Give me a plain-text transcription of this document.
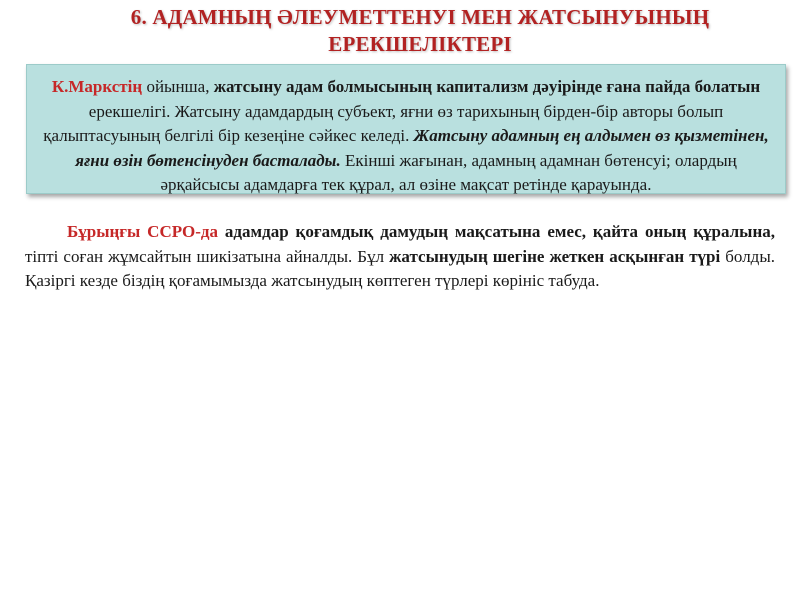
6. АДАМНЫҢ ӘЛЕУМЕТТЕНУІ МЕН ЖАТСЫНУЫНЫҢ
ЕРЕКШЕЛІКТЕРІ
К.Маркстің ойынша, жатсыну адам болмысының капитализм дәуірінде ғана пайда болатын ерекшелігі. Жатсыну адамдардың субъект, яғни өз тарихының бірден-бір авторы болып қалыптасуының белгілі бір кезеңіне сәйкес келеді. Жатсыну адамның ең алдымен өз қызметінен, яғни өзін бөтенсінуден басталады. Екінші жағынан, адамның адамнан бөтенсуі; олардың әрқайсысы адамдарға тек құрал, ал өзіне мақсат ретінде қарауында.
Бұрыңғы ССРО-да адамдар қоғамдық дамудың мақсатына емес, қайта оның құралына, тіпті соған жұмсайтын шикізатына айналды. Бұл жатсынудың шегіне жеткен асқынған түрі болды. Қазіргі кезде біздің қоғамымызда жатсынудың көптеген түрлері көрініс табуда.
